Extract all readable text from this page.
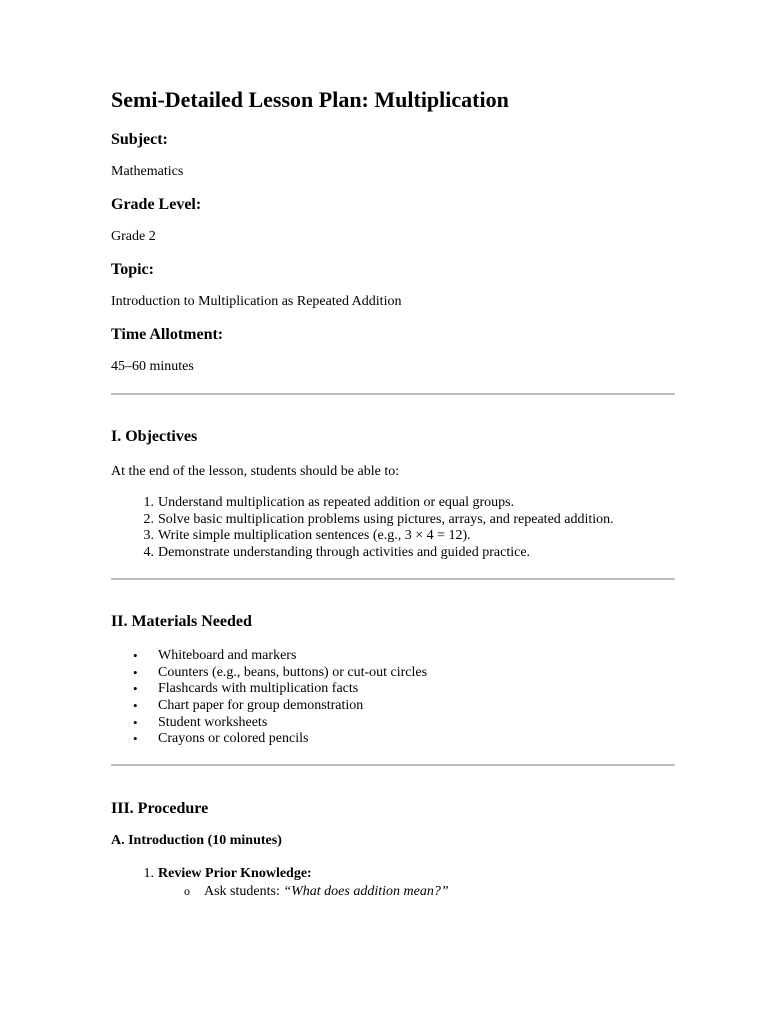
Semi-Detailed Lesson Plan: Multiplication
Subject:

Mathematics

Grade Level:

Grade 2

Topic:

Introduction to Multiplication as Repeated Addition

Time Allotment:

45–60 minutes

I. Objectives

At the end of the lesson, students should be able to:

1. Understand multiplication as repeated addition or equal groups.
2. Solve basic multiplication problems using pictures, arrays, and repeated addition.
3. Write simple multiplication sentences (e.g., 3 × 4 = 12).
4. Demonstrate understanding through activities and guided practice.
II. Materials Needed
• Whiteboard and markers
• Counters (e.g., beans, buttons) or cut-out circles
• Flashcards with multiplication facts
• Chart paper for group demonstration
• Student worksheets
• Crayons or colored pencils
III. Procedure
A. Introduction (10 minutes)
1. Review Prior Knowledge:
o Ask students: “What does addition mean?”
